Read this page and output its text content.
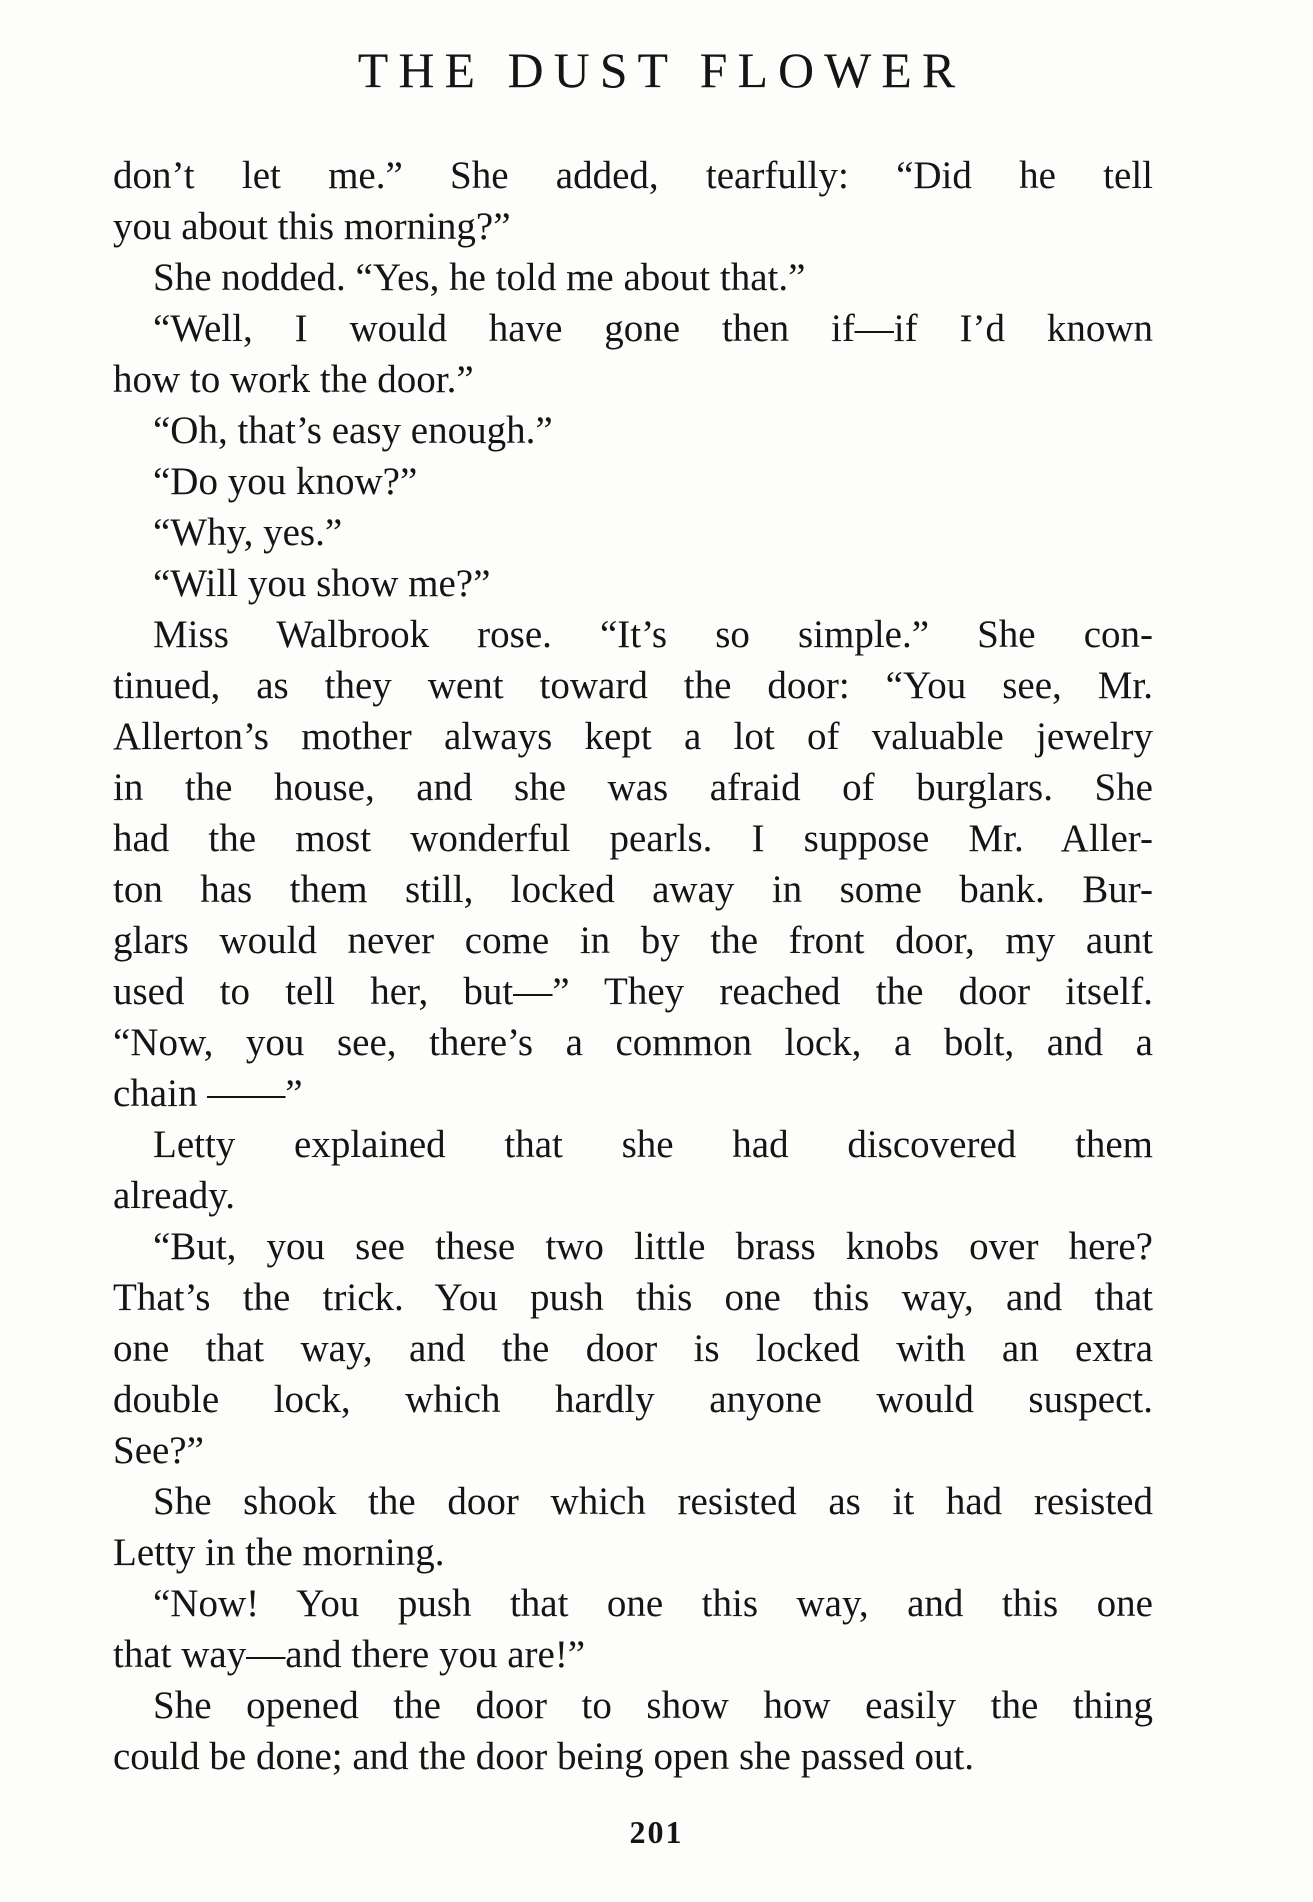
THE DUST FLOWER

don’t let me.” She added, tearfully: “Did he tell
you about this morning?”

She nodded. “Yes, he told me about that.”

“Well, I would have gone then if—if I’d known
how to work the door.”

“Oh, that’s easy enough.”

“Do you know?”

“Why, yes.”

“Will you show me?”

Miss Walbrook rose. “It’s so simple.” She con-
tinued, as they went toward the door: “You see, Mr.
Allerton’s mother always kept a lot of valuable jewelry
in the house, and she was afraid of burglars. She
had the most wonderful pearls. I suppose Mr. Aller-
ton has them still, locked away in some bank. Bur-
glars would never come in by the front door, my aunt
used to tell her, but—” They reached the door itself.
“Now, you see, there’s a common lock, a bolt, and a
chain ——”

Letty explained that she had discovered them
already.

“But, you see these two little brass knobs over here?
That’s the trick. You push this one this way, and that
one that way, and the door is locked with an extra
double lock, which hardly anyone would suspect.
See?”

She shook the door which resisted as it had resisted
Letty in the morning.

“Now! You push that one this way, and this one
that way—and there you are!”

She opened the door to show how easily the thing
could be done; and the door being open she passed out.

201
